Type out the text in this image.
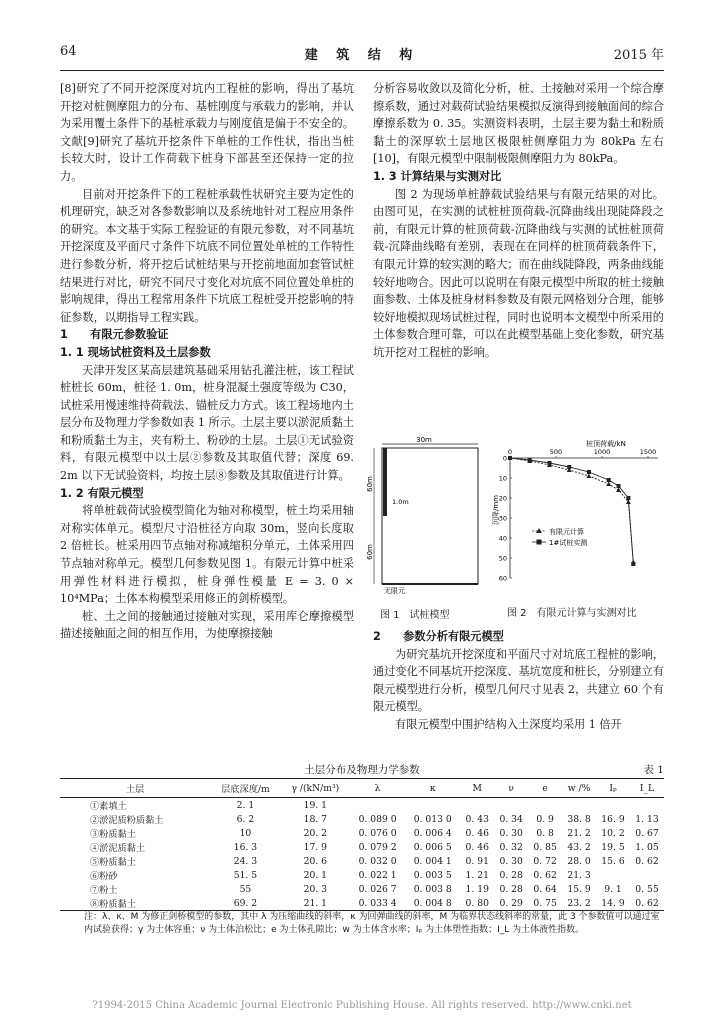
64	建 筑 结 构	2015 年

[8]研究了不同开挖深度对坑内工程桩的影响，得出了基坑开挖对桩侧摩阻力的分布、基桩刚度与承载力的影响，并认为采用覆土条件下的基桩承载力与刚度值是偏于不安全的。文献[9]研究了基坑开挖条件下单桩的工作性状，指出当桩长较大时，设计工作荷载下桩身下部甚至还保持一定的拉力。

目前对开挖条件下的工程桩承载性状研究主要为定性的机理研究，缺乏对各参数影响以及系统地针对工程应用条件的研究。本文基于实际工程验证的有限元参数，对不同基坑开挖深度及平面尺寸条件下坑底不同位置处单桩的工作特性进行参数分析，将开挖后试桩结果与开挖前地面加套管试桩结果进行对比，研究不同尺寸变化对坑底不同位置处单桩的影响规律，得出工程常用条件下坑底工程桩受开挖影响的特征参数，以期指导工程实践。

1　　有限元参数验证

1. 1 现场试桩资料及土层参数

天津开发区某高层建筑基础采用钻孔灌注桩，该工程试桩桩长 60m，桩径 1. 0m，桩身混凝土强度等级为 C30，试桩采用慢速维持荷载法、锚桩反力方式。该工程场地内土层分布及物理力学参数如表 1 所示。土层主要以淤泥质黏土和粉质黏土为主，夹有粉土、粉砂的土层。土层①无试验资料，有限元模型中以土层②参数及其取值代替；深度 69. 2m 以下无试验资料，均按土层⑧参数及其取值进行计算。

1. 2 有限元模型

将单桩载荷试验模型简化为轴对称模型，桩土均采用轴对称实体单元。模型尺寸沿桩径方向取 30m，竖向长度取 2 倍桩长。桩采用四节点轴对称减缩积分单元，土体采用四节点轴对称单元。模型几何参数见图 1。有限元计算中桩采用弹性材料进行模拟，桩身弹性模量 E = 3. 0 × 10⁴MPa；土体本构模型采用修正的剑桥模型。

桩、土之间的接触通过接触对实现，采用库仑摩擦模型描述接触面之间的相互作用，为使摩擦接触

分析容易收敛以及简化分析，桩、土接触对采用一个综合摩擦系数，通过对载荷试验结果模拟反演得到接触面间的综合摩擦系数为 0. 35。实测资料表明，土层主要为黏土和粉质黏土的深厚软土层地区极限桩侧摩阻力为 80kPa 左右[10]，有限元模型中限制极限侧摩阻力为 80kPa。

1. 3 计算结果与实测对比

图 2 为现场单桩静载试验结果与有限元结果的对比。由图可见，在实测的试桩桩顶荷载-沉降曲线出现陡降段之前，有限元计算的桩顶荷载-沉降曲线与实测的试桩桩顶荷载-沉降曲线略有差别，表现在在同样的桩顶荷载条件下，有限元计算的较实测的略大；而在曲线陡降段，两条曲线能较好地吻合。因此可以说明在有限元模型中所取的桩土接触面参数、土体及桩身材料参数及有限元网格划分合理，能够较好地模拟现场试桩过程，同时也说明本文模型中所采用的土体参数合理可靠，可以在此模型基础上变化参数，研究基坑开挖对工程桩的影响。

30m
1.0m
60m
60m
无限元
0	500	1000	1500
0
10
20
30
40
50
60
桩顶荷载/kN
沉降/mm
有限元计算
1#试桩实测
图 1　试桩模型	图 2　有限元计算与实测对比

2　　参数分析有限元模型

为研究基坑开挖深度和平面尺寸对坑底工程桩的影响，通过变化不同基坑开挖深度、基坑宽度和桩长，分别建立有限元模型进行分析，模型几何尺寸见表 2，共建立 60 个有限元模型。

有限元模型中围护结构入土深度均采用 1 倍开

土层分布及物理力学参数	表 1
土层	层底深度/m	γ /(kN/m³)	λ	κ	M	ν	e	w /%	Iₚ	I_L
①素填土	2. 1	19. 1								
②淤泥质粉质黏土	6. 2	18. 7	0. 089 0	0. 013 0	0. 43	0. 34	0. 9	38. 8	16. 9	1. 13
③粉质黏土	10	20. 2	0. 076 0	0. 006 4	0. 46	0. 30	0. 8	21. 2	10. 2	0. 67
④淤泥质黏土	16. 3	17. 9	0. 079 2	0. 006 5	0. 46	0. 32	0. 85	43. 2	19. 5	1. 05
⑤粉质黏土	24. 3	20. 6	0. 032 0	0. 004 1	0. 91	0. 30	0. 72	28. 0	15. 6	0. 62
⑥粉砂	51. 5	20. 1	0. 022 1	0. 003 5	1. 21	0. 28	0. 62	21. 3		
⑦粉土	55	20. 3	0. 026 7	0. 003 8	1. 19	0. 28	0. 64	15. 9	9. 1	0. 55
⑧粉质黏土	69. 2	21. 1	0. 033 4	0. 004 8	0. 80	0. 29	0. 75	23. 2	14. 9	0. 62
注：λ、κ、M 为修正剑桥模型的参数，其中 λ 为压缩曲线的斜率，κ 为回弹曲线的斜率，M 为临界状态线斜率的常量，此 3 个参数值可以通过室内试验获得；γ 为土体容重；ν 为土体泊松比；e 为土体孔隙比；w 为土体含水率；Iₚ 为土体塑性指数；I_L 为土体液性指数。
?1994-2015 China Academic Journal Electronic Publishing House. All rights reserved. http://www.cnki.net
